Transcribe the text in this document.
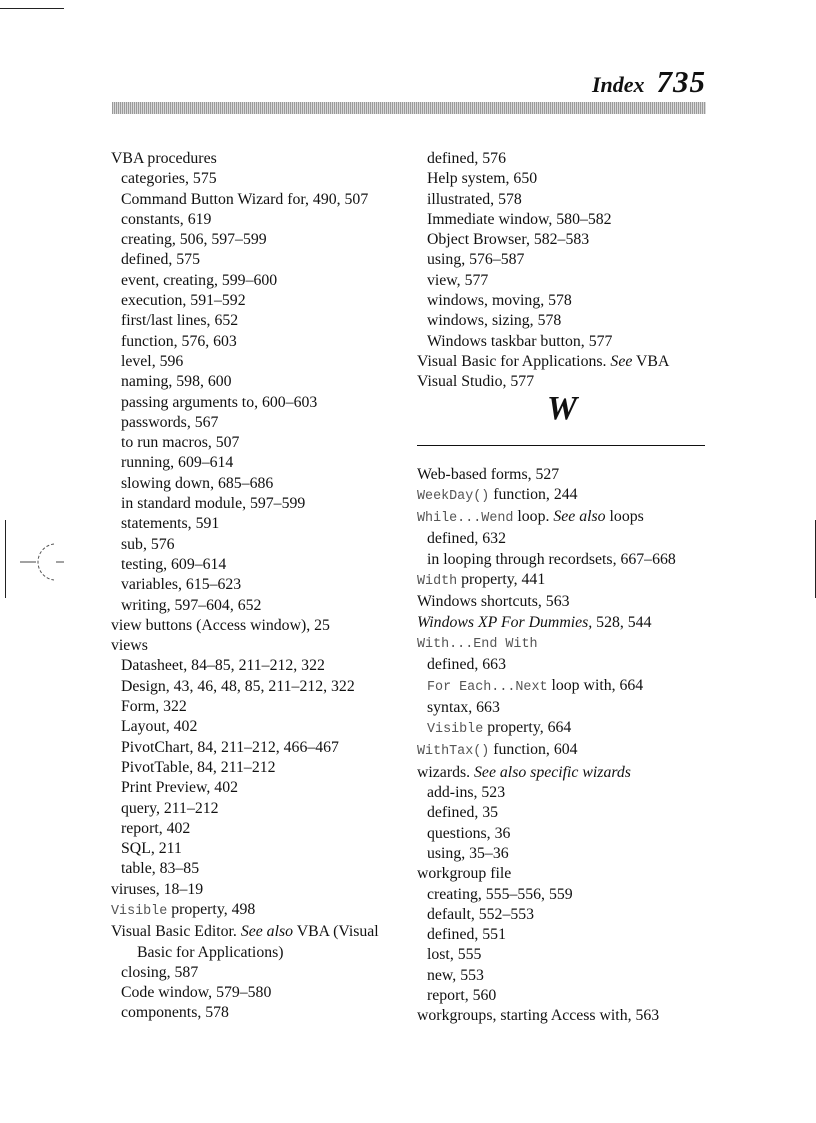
Index 735
VBA procedures
categories, 575
Command Button Wizard for, 490, 507
constants, 619
creating, 506, 597–599
defined, 575
event, creating, 599–600
execution, 591–592
first/last lines, 652
function, 576, 603
level, 596
naming, 598, 600
passing arguments to, 600–603
passwords, 567
to run macros, 507
running, 609–614
slowing down, 685–686
in standard module, 597–599
statements, 591
sub, 576
testing, 609–614
variables, 615–623
writing, 597–604, 652
view buttons (Access window), 25
views
Datasheet, 84–85, 211–212, 322
Design, 43, 46, 48, 85, 211–212, 322
Form, 322
Layout, 402
PivotChart, 84, 211–212, 466–467
PivotTable, 84, 211–212
Print Preview, 402
query, 211–212
report, 402
SQL, 211
table, 83–85
viruses, 18–19
Visible property, 498
Visual Basic Editor. See also VBA (Visual
Basic for Applications)
closing, 587
Code window, 579–580
components, 578
defined, 576
Help system, 650
illustrated, 578
Immediate window, 580–582
Object Browser, 582–583
using, 576–587
view, 577
windows, moving, 578
windows, sizing, 578
Windows taskbar button, 577
Visual Basic for Applications. See VBA
Visual Studio, 577
W
Web-based forms, 527
WeekDay() function, 244
While...Wend loop. See also loops
defined, 632
in looping through recordsets, 667–668
Width property, 441
Windows shortcuts, 563
Windows XP For Dummies, 528, 544
With...End With
defined, 663
For Each...Next loop with, 664
syntax, 663
Visible property, 664
WithTax() function, 604
wizards. See also specific wizards
add-ins, 523
defined, 35
questions, 36
using, 35–36
workgroup file
creating, 555–556, 559
default, 552–553
defined, 551
lost, 555
new, 553
report, 560
workgroups, starting Access with, 563
